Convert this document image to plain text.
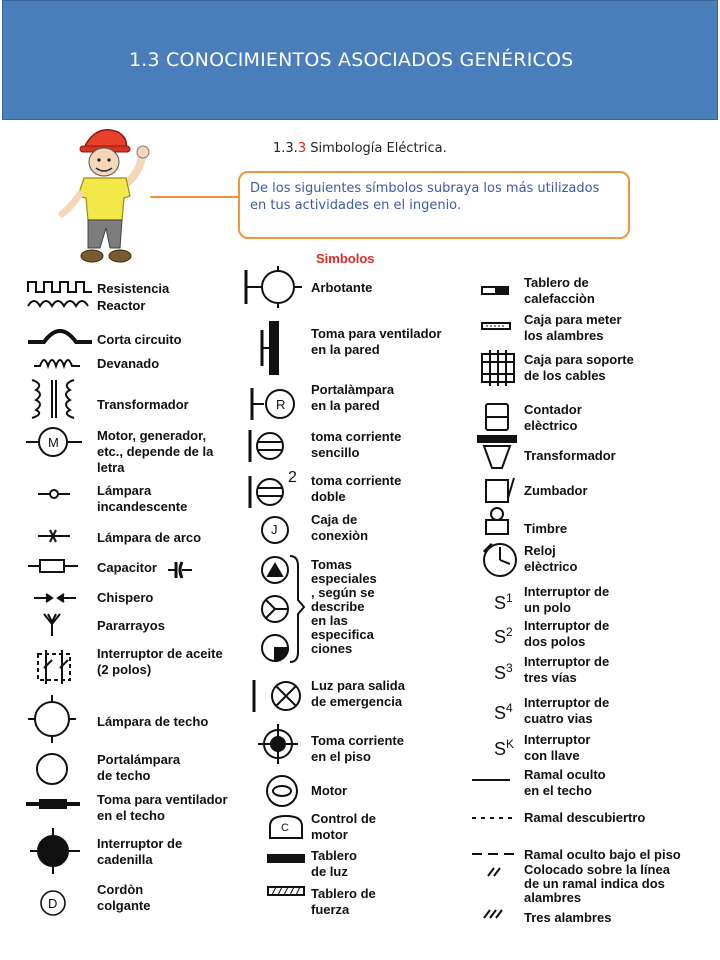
1.3 CONOCIMIENTOS ASOCIADOS GENÉRICOS
1.3.3 Simbología Eléctrica.
De los siguientes símbolos subraya los más utilizados en tus actividades en el ingenio.
Simbolos
M
R
2
J
C
D
$S^1$
$S^2$
$S^3$
$S^4$
$S^K$
Resistencia
Reactor
Corta circuito
Devanado
Transformador
Motor, generador,
etc., depende de la
letra
Lámpara
incandescente
Lámpara de arco
Capacitor
Chispero
Pararrayos
Interruptor de aceite
(2 polos)
Lámpara de techo
Portalámpara
de techo
Toma para ventilador
en el techo
Interruptor de
cadenilla
Cordòn
colgante
Arbotante
Toma para ventilador
en la pared
Portalàmpara
en la pared
toma corriente
sencillo
toma corriente
doble
Caja de
conexiòn
Tomas
especiales
, según se
describe
en las
especifica
ciones
Luz para salida
de emergencia
Toma corriente
en el piso
Motor
Control de
motor
Tablero
de luz
Tablero de
fuerza
Tablero de
calefacciòn
Caja para meter
los alambres
Caja para soporte
de los cables
Contador
elèctrico
Transformador
Zumbador
Timbre
Reloj
elèctrico
Interruptor de
un polo
Interruptor de
dos polos
Interruptor de
tres vías
Interruptor de
cuatro vias
Interruptor
con llave
Ramal oculto
en el techo
Ramal descubiertro
Ramal oculto bajo el piso
Colocado sobre la línea
de un ramal indica dos
alambres
Tres alambres
